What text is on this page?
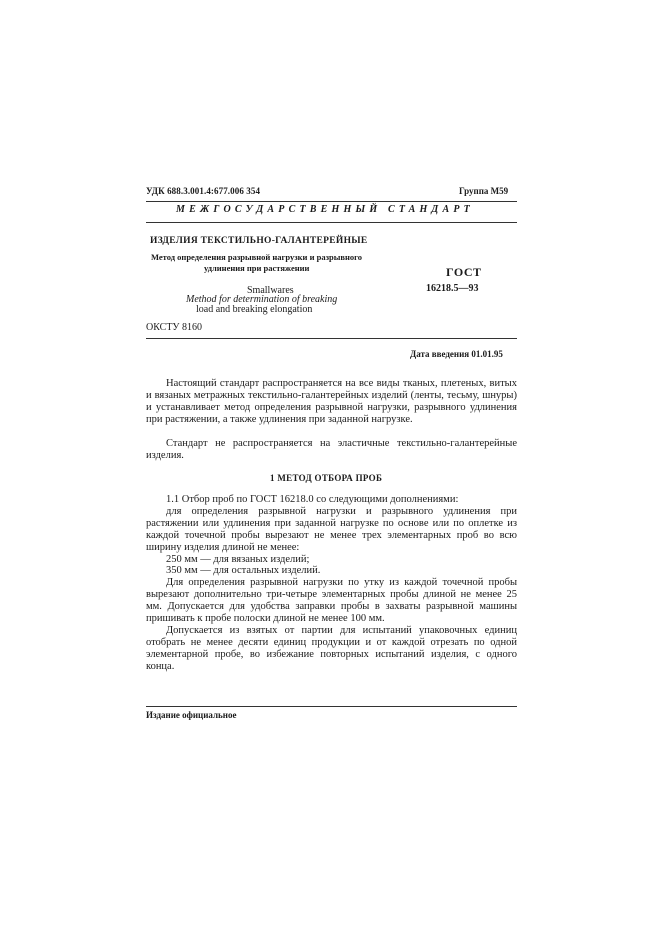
УДК 688.3.001.4:677.006 354	Группа М59
МЕЖГОСУДАРСТВЕННЫЙ СТАНДАРТ
ИЗДЕЛИЯ ТЕКСТИЛЬНО-ГАЛАНТЕРЕЙНЫЕ
Метод определения разрывной нагрузки и разрывного
удлинения при растяжении	ГОСТ
16218.5—93
Smallwares
Method for determination of breaking
load and breaking elongation
ОКСТУ 8160
Дата введения 01.01.95

Настоящий стандарт распространяется на все виды тканых, плетеных, витых и вязаных метражных текстильно-галантерейных изделий (ленты, тесьму, шнуры) и устанавливает метод определения разрывной нагрузки, разрывного удлинения при растяжении, а также удлинения при заданной нагрузке.

Стандарт не распространяется на эластичные текстильно-галантерейные изделия.

1 МЕТОД ОТБОРА ПРОБ

1.1 Отбор проб по ГОСТ 16218.0 со следующими дополнениями:

для определения разрывной нагрузки и разрывного удлинения при растяжении или удлинения при заданной нагрузке по основе или по оплетке из каждой точечной пробы вырезают не менее трех элементарных проб во всю ширину изделия длиной не менее:

250 мм — для вязаных изделий;

350 мм — для остальных изделий.

Для определения разрывной нагрузки по утку из каждой точечной пробы вырезают дополнительно три-четыре элементарных пробы длиной не менее 25 мм. Допускается для удобства заправки пробы в захваты разрывной машины пришивать к пробе полоски длиной не менее 100 мм.

Допускается из взятых от партии для испытаний упаковочных единиц отобрать не менее десяти единиц продукции и от каждой отрезать по одной элементарной пробе, во избежание повторных испытаний изделия, с одного конца.

Издание официальное
